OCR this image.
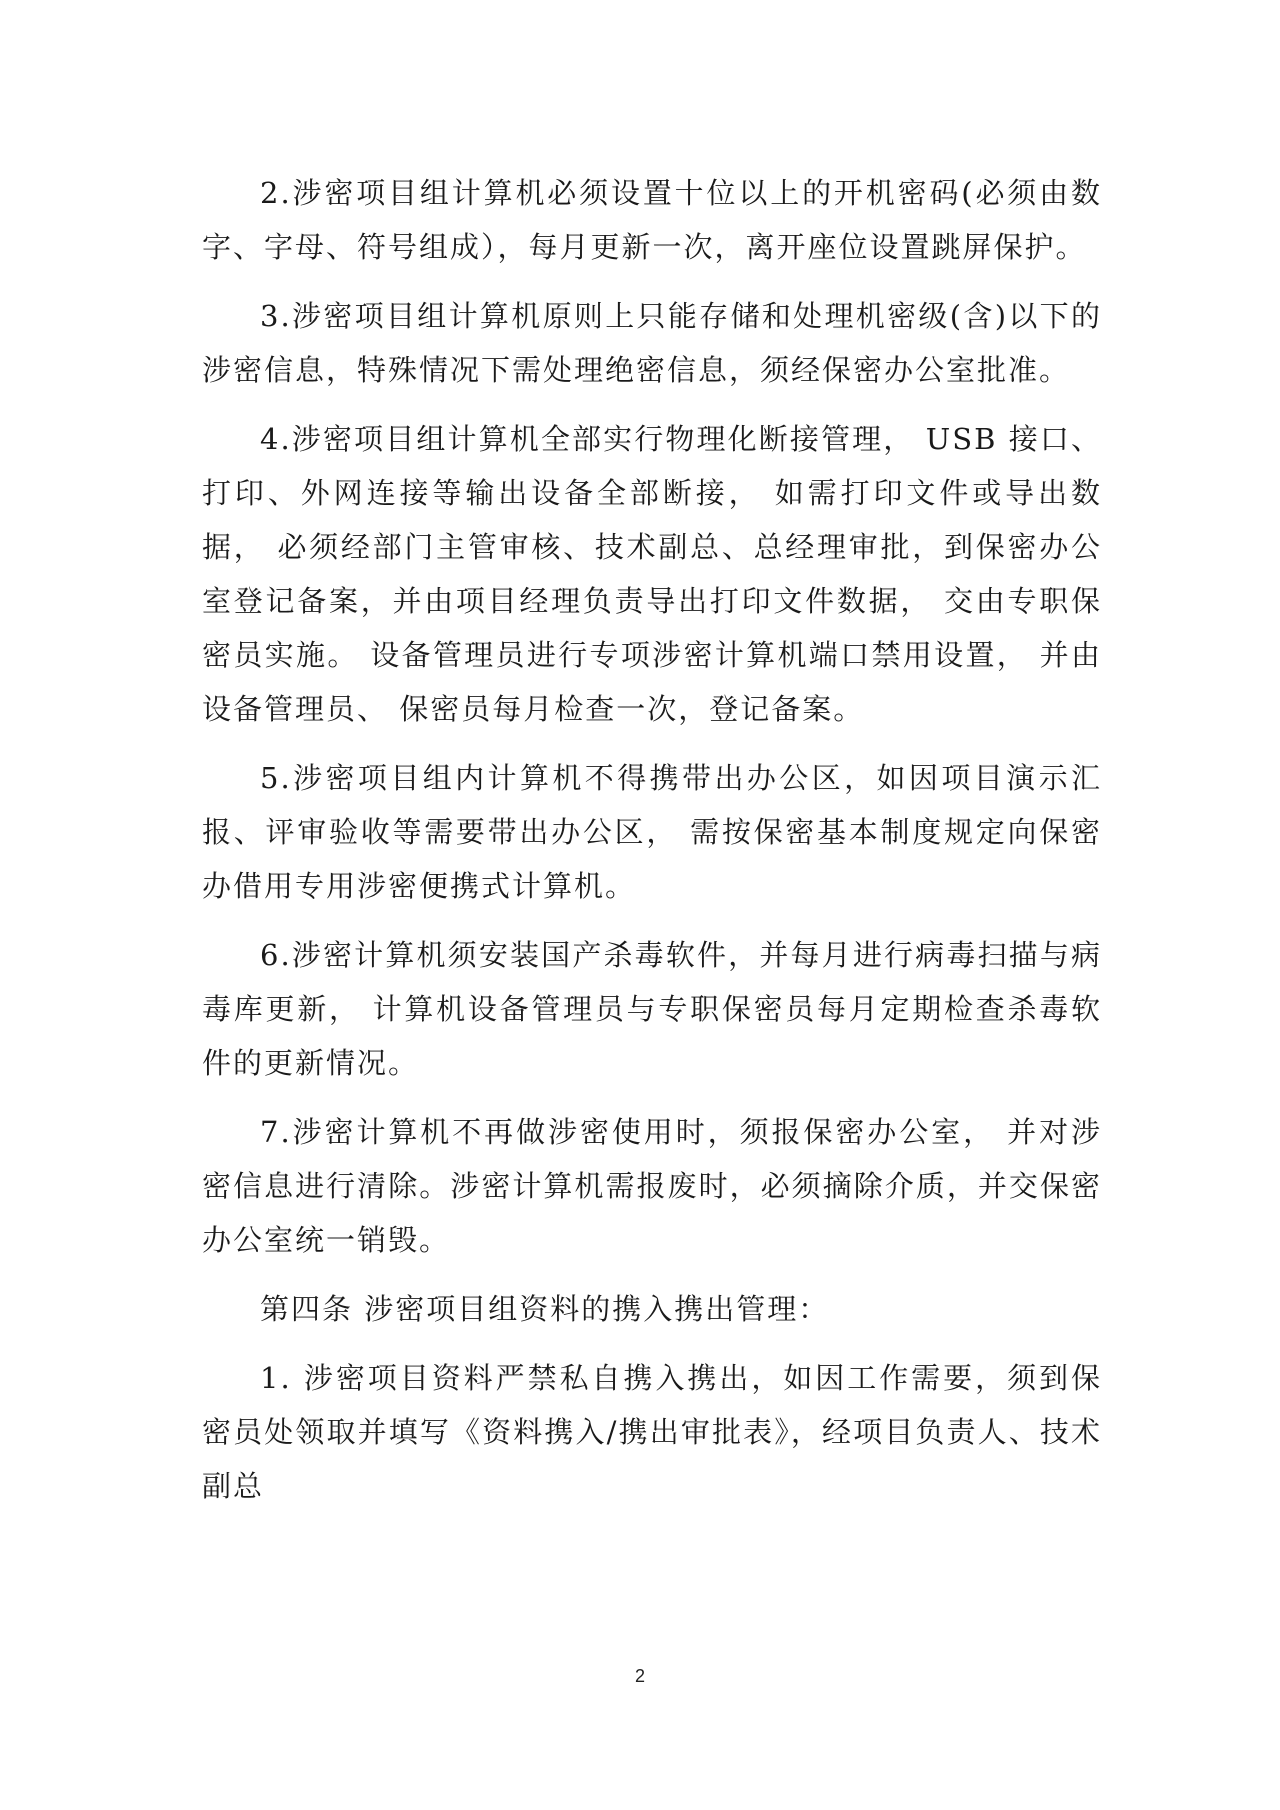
2.涉密项目组计算机必须设置十位以上的开机密码(必须由数字、字母、符号组成），每月更新一次，离开座位设置跳屏保护。

3.涉密项目组计算机原则上只能存储和处理机密级(含)以下的涉密信息，特殊情况下需处理绝密信息，须经保密办公室批准。

4.涉密项目组计算机全部实行物理化断接管理， USB 接口、 打印、外网连接等输出设备全部断接， 如需打印文件或导出数据， 必须经部门主管审核、技术副总、总经理审批，到保密办公室登记备案，并由项目经理负责导出打印文件数据， 交由专职保密员实施。 设备管理员进行专项涉密计算机端口禁用设置， 并由设备管理员、 保密员每月检查一次，登记备案。

5.涉密项目组内计算机不得携带出办公区，如因项目演示汇报、评审验收等需要带出办公区， 需按保密基本制度规定向保密办借用专用涉密便携式计算机。

6.涉密计算机须安装国产杀毒软件，并每月进行病毒扫描与病毒库更新， 计算机设备管理员与专职保密员每月定期检查杀毒软件的更新情况。

7.涉密计算机不再做涉密使用时，须报保密办公室， 并对涉密信息进行清除。涉密计算机需报废时，必须摘除介质，并交保密办公室统一销毁。

第四条 涉密项目组资料的携入携出管理：

1. 涉密项目资料严禁私自携入携出，如因工作需要，须到保密员处领取并填写《资料携入/携出审批表》，经项目负责人、技术副总

2
